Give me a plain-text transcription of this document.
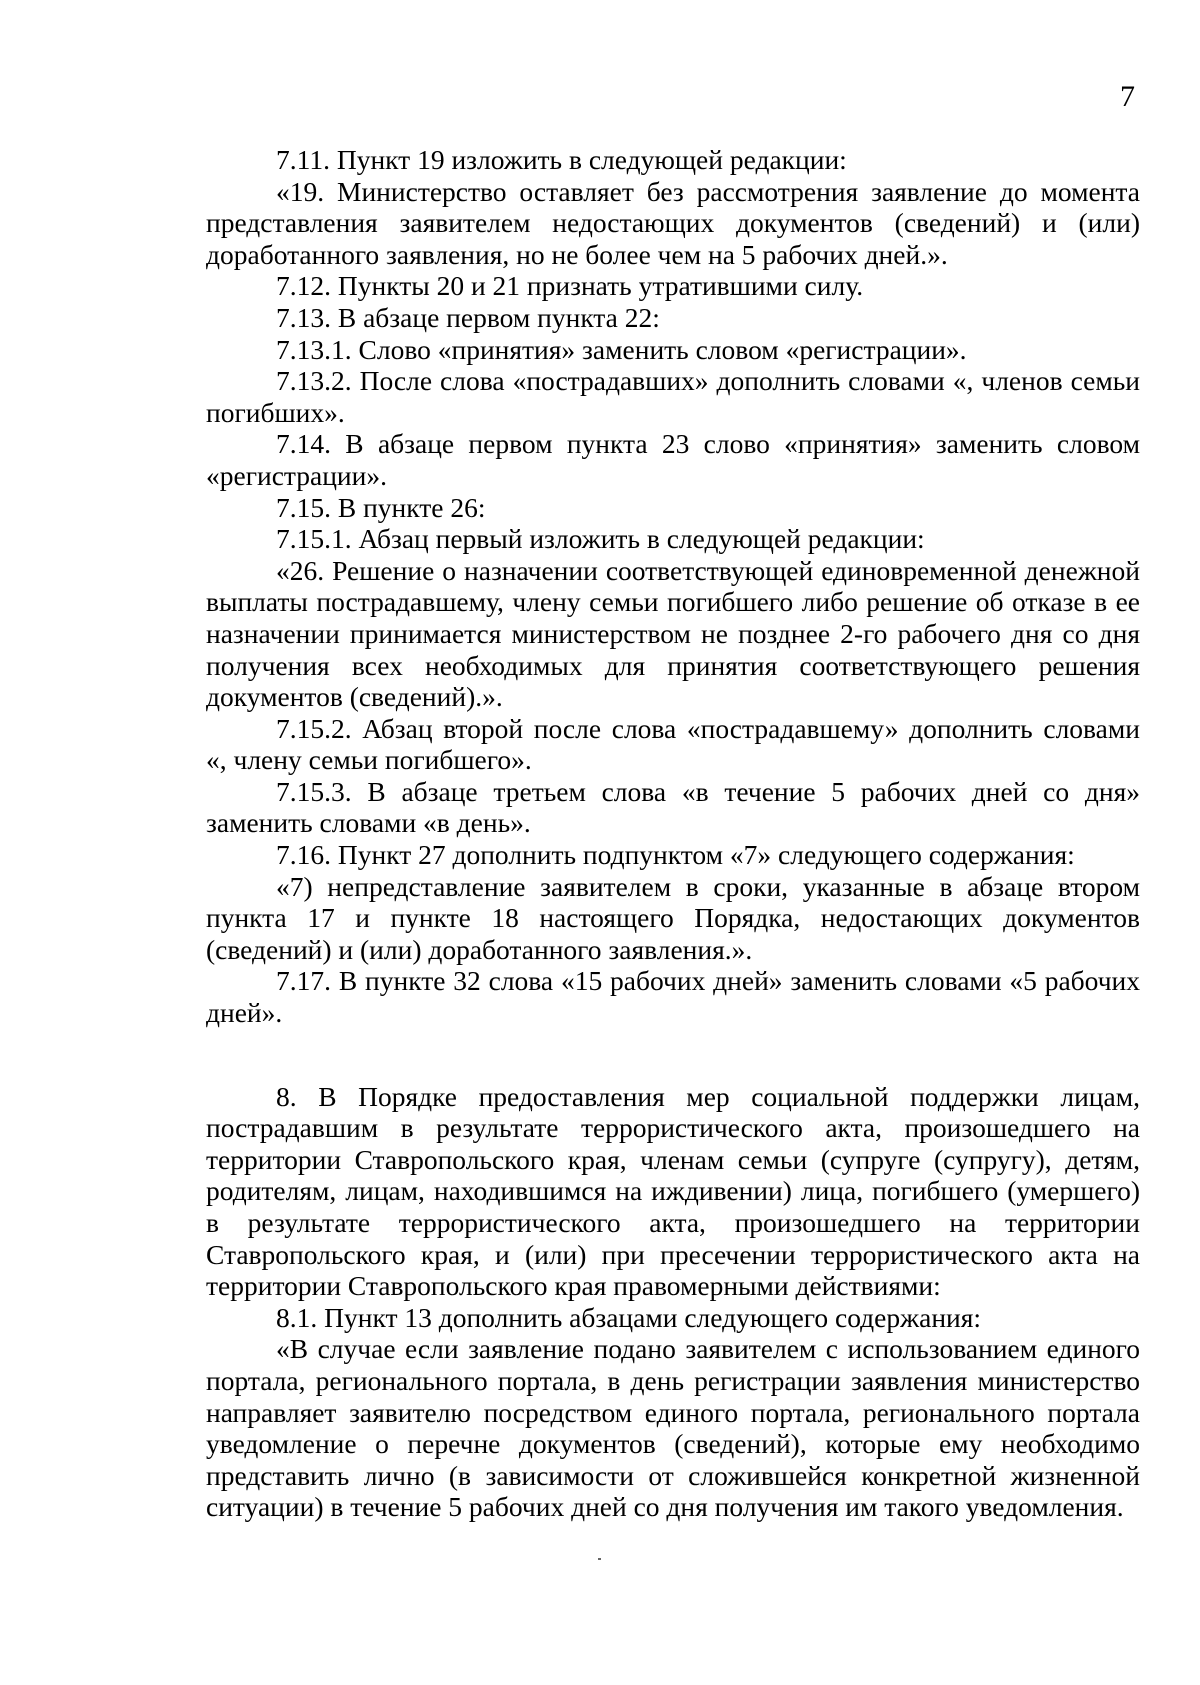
7

7.11. Пункт 19 изложить в следующей редакции:

«19. Министерство оставляет без рассмотрения заявление до момента представления заявителем недостающих документов (сведений) и (или) доработанного заявления, но не более чем на 5 рабочих дней.».

7.12. Пункты 20 и 21 признать утратившими силу.

7.13. В абзаце первом пункта 22:

7.13.1. Слово «принятия» заменить словом «регистрации».

7.13.2. После слова «пострадавших» дополнить словами «, членов семьи погибших».

7.14. В абзаце первом пункта 23 слово «принятия» заменить словом «регистрации».

7.15. В пункте 26:

7.15.1. Абзац первый изложить в следующей редакции:

«26. Решение о назначении соответствующей единовременной денежной выплаты пострадавшему, члену семьи погибшего либо решение об отказе в ее назначении принимается министерством не позднее 2-го рабочего дня со дня получения всех необходимых для принятия соответствующего решения документов (сведений).».

7.15.2. Абзац второй после слова «пострадавшему» дополнить словами «, члену семьи погибшего».

7.15.3. В абзаце третьем слова «в течение 5 рабочих дней со дня» заменить словами «в день».

7.16. Пункт 27 дополнить подпунктом «7» следующего содержания:

«7) непредставление заявителем в сроки, указанные в абзаце втором пункта 17 и пункте 18 настоящего Порядка, недостающих документов (сведений) и (или) доработанного заявления.».

7.17. В пункте 32 слова «15 рабочих дней» заменить словами «5 рабочих дней».

8. В Порядке предоставления мер социальной поддержки лицам, пострадавшим в результате террористического акта, произошедшего на территории Ставропольского края, членам семьи (супруге (супругу), детям, родителям, лицам, находившимся на иждивении) лица, погибшего (умершего) в результате террористического акта, произошедшего на территории Ставропольского края, и (или) при пресечении террористического акта на территории Ставропольского края правомерными действиями:

8.1. Пункт 13 дополнить абзацами следующего содержания:

«В случае если заявление подано заявителем с использованием единого портала, регионального портала, в день регистрации заявления министерство направляет заявителю посредством единого портала, регионального портала уведомление о перечне документов (сведений), которые ему необходимо представить лично (в зависимости от сложившейся конкретной жизненной ситуации) в течение 5 рабочих дней со дня получения им такого уведомления.
